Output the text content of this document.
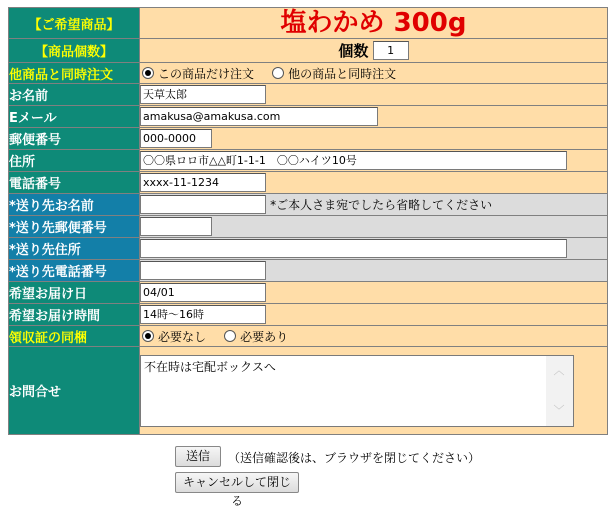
【ご希望商品】	塩わかめ 300g

【商品個数】	個数 1
他商品と同時注文	この商品だけ注文 他の商品と同時注文
お名前	天草太郎
Eメール	amakusa@amakusa.com
郵便番号	000-0000
住所	〇〇県ロロ市△△町1-1-1　〇〇ハイツ10号
電話番号	xxxx-11-1234
*送り先お名前	*ご本人さま宛でしたら省略してください
*送り先郵便番号	
*送り先住所	
*送り先電話番号	
希望お届け日	04/01
希望お届け時間	14時～16時
領収証の同梱	必要なし 必要あり
お問合せ	不在時は宅配ボックスへ ︿
﹀
送信	（送信確認後は、ブラウザを閉じてください）
キャンセルして閉じる
